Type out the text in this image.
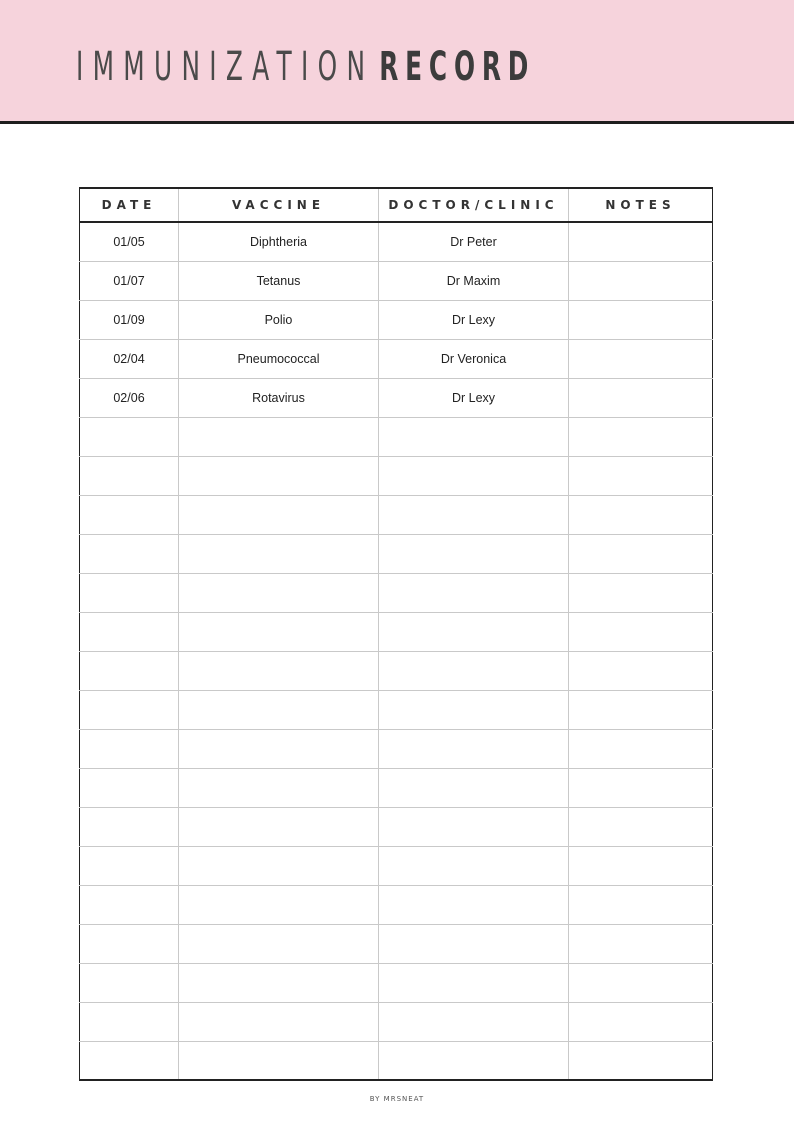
IMMUNIZATION RECORD
DATE	VACCINE	DOCTOR/CLINIC	NOTES
01/05	Diphtheria	Dr Peter	
01/07	Tetanus	Dr Maxim	
01/09	Polio	Dr Lexy	
02/04	Pneumococcal	Dr Veronica	
02/06	Rotavirus	Dr Lexy	

BY MRSNEAT
